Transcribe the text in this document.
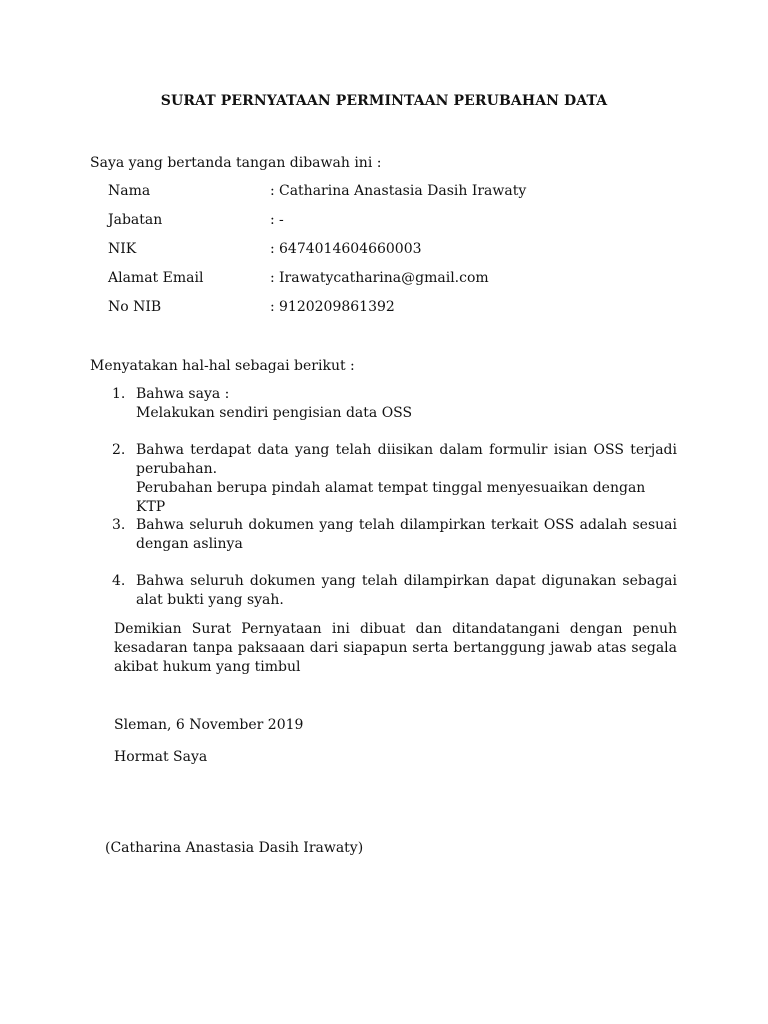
SURAT PERNYATAAN PERMINTAAN PERUBAHAN DATA
Saya yang bertanda tangan dibawah ini :
Nama	: Catharina Anastasia Dasih Irawaty
Jabatan	: -
NIK	: 6474014604660003
Alamat Email	: Irawatycatharina@gmail.com
No NIB	: 9120209861392
Menyatakan hal-hal sebagai berikut :
1. Bahwa saya :
Melakukan sendiri pengisian data OSS
2. Bahwa terdapat data yang telah diisikan dalam formulir isian OSS terjadi perubahan.
Perubahan berupa pindah alamat tempat tinggal menyesuaikan dengan KTP
3. Bahwa seluruh dokumen yang telah dilampirkan terkait OSS adalah sesuai dengan aslinya
4. Bahwa seluruh dokumen yang telah dilampirkan dapat digunakan sebagai alat bukti yang syah.
Demikian Surat Pernyataan ini dibuat dan ditandatangani dengan penuh kesadaran tanpa paksaaan dari siapapun serta bertanggung jawab atas segala akibat hukum yang timbul
Sleman, 6 November 2019
Hormat Saya
(Catharina Anastasia Dasih Irawaty)
